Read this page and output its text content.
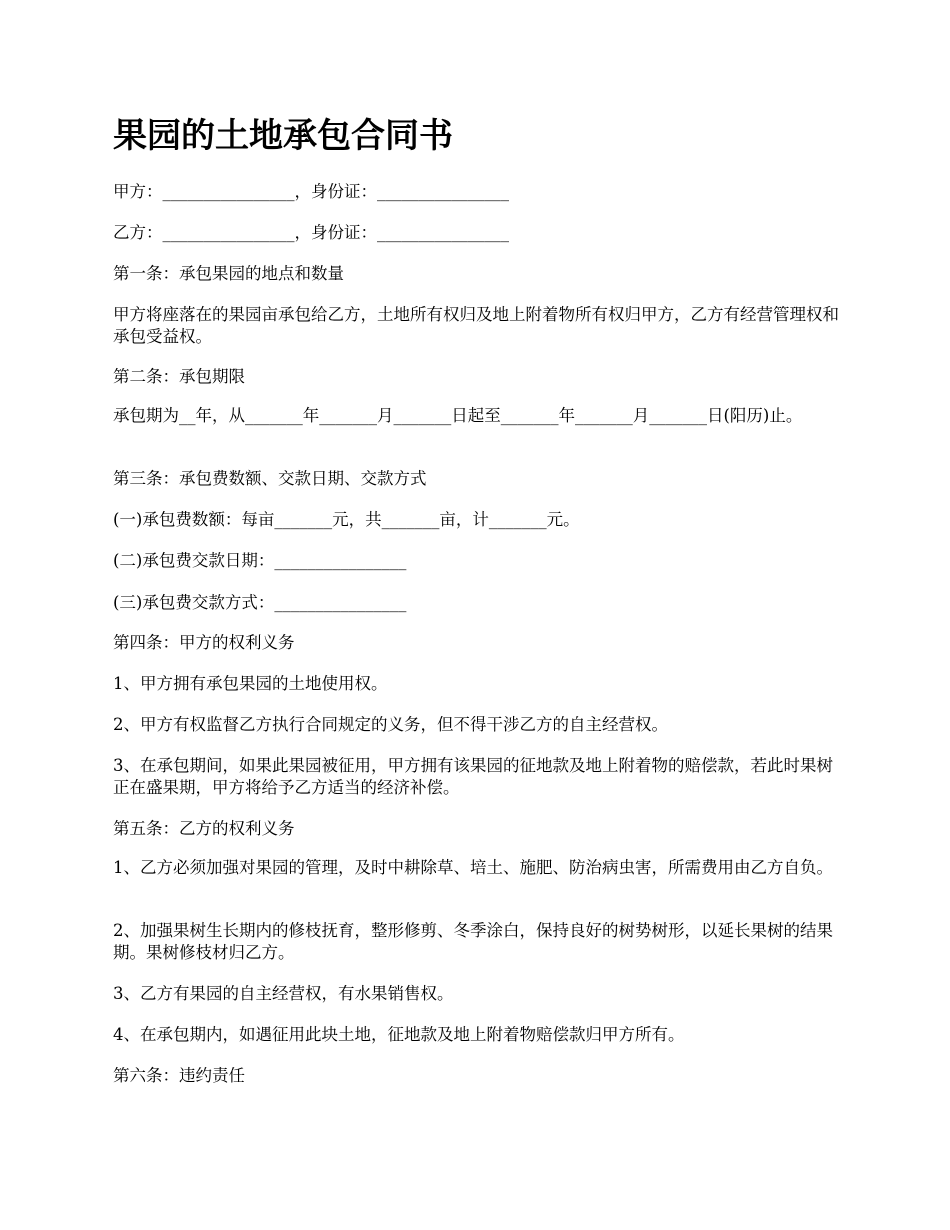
果园的土地承包合同书

甲方：________________，身份证：________________

乙方：________________，身份证：________________

第一条：承包果园的地点和数量

甲方将座落在的果园亩承包给乙方，土地所有权归及地上附着物所有权归甲方，乙方有经营管理权和承包受益权。

第二条：承包期限

承包期为__年，从_______年_______月_______日起至_______年_______月_______日(阳历)止。

第三条：承包费数额、交款日期、交款方式

(一)承包费数额：每亩_______元，共_______亩，计_______元。

(二)承包费交款日期：________________

(三)承包费交款方式：________________

第四条：甲方的权利义务

1、甲方拥有承包果园的土地使用权。

2、甲方有权监督乙方执行合同规定的义务，但不得干涉乙方的自主经营权。

3、在承包期间，如果此果园被征用，甲方拥有该果园的征地款及地上附着物的赔偿款，若此时果树正在盛果期，甲方将给予乙方适当的经济补偿。

第五条：乙方的权利义务

1、乙方必须加强对果园的管理，及时中耕除草、培土、施肥、防治病虫害，所需费用由乙方自负。

2、加强果树生长期内的修枝抚育，整形修剪、冬季涂白，保持良好的树势树形，以延长果树的结果期。果树修枝材归乙方。

3、乙方有果园的自主经营权，有水果销售权。

4、在承包期内，如遇征用此块土地，征地款及地上附着物赔偿款归甲方所有。

第六条：违约责任
